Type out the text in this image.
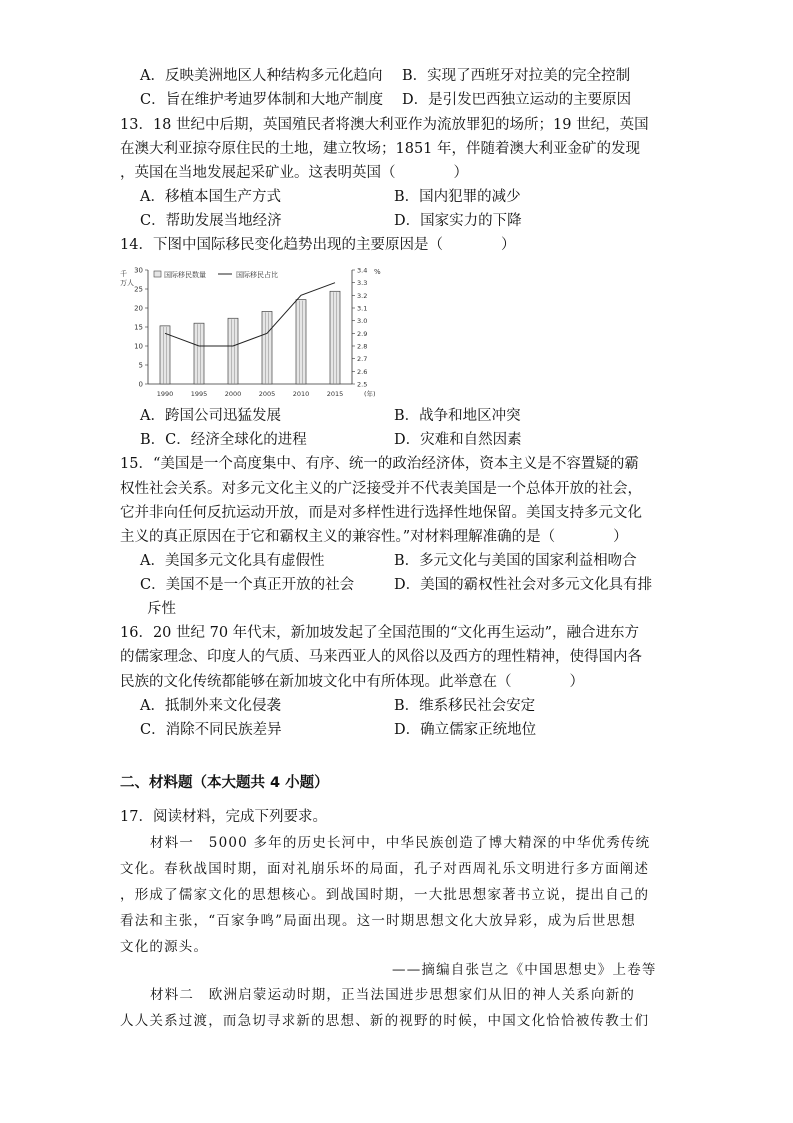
A．反映美洲地区人种结构多元化趋向 B．实现了西班牙对拉美的完全控制
C．旨在维护考迪罗体制和大地产制度 D．是引发巴西独立运动的主要原因
13．18 世纪中后期，英国殖民者将澳大利亚作为流放罪犯的场所；19 世纪，英国
在澳大利亚掠夺原住民的土地，建立牧场；1851 年，伴随着澳大利亚金矿的发现
，英国在当地发展起采矿业。这表明英国（　　　　）
A．移植本国生产方式	B．国内犯罪的减少
C．帮助发展当地经济	D．国家实力的下降
14．下图中国际移民变化趋势出现的主要原因是（　　　　）
0
5
10
15
20
25
30
2.5
2.6
2.7
2.8
2.9
3.0
3.1
3.2
3.3
3.4
千
万人
%
(年)
1990	1995	2000	2005	2010	2015
国际移民数量	国际移民占比
A．跨国公司迅猛发展	B．战争和地区冲突
B．C．经济全球化的进程	D．灾难和自然因素
15．“美国是一个高度集中、有序、统一的政治经济体，资本主义是不容置疑的霸
权性社会关系。对多元文化主义的广泛接受并不代表美国是一个总体开放的社会，
它并非向任何反抗运动开放，而是对多样性进行选择性地保留。美国支持多元文化
主义的真正原因在于它和霸权主义的兼容性。”对材料理解准确的是（　　　　）
A．美国多元文化具有虚假性	B．多元文化与美国的国家利益相吻合
C．美国不是一个真正开放的社会	D．美国的霸权性社会对多元文化具有排
斥性
16．20 世纪 70 年代末，新加坡发起了全国范围的“文化再生运动”，融合进东方
的儒家理念、印度人的气质、马来西亚人的风俗以及西方的理性精神，使得国内各
民族的文化传统都能够在新加坡文化中有所体现。此举意在（　　　　）
A．抵制外来文化侵袭	B．维系移民社会安定
C．消除不同民族差异	D．确立儒家正统地位
二、材料题（本大题共 4 小题）
17．阅读材料，完成下列要求。
材料一　5000 多年的历史长河中，中华民族创造了博大精深的中华优秀传统
文化。春秋战国时期，面对礼崩乐坏的局面，孔子对西周礼乐文明进行多方面阐述
，形成了儒家文化的思想核心。到战国时期，一大批思想家著书立说，提出自己的
看法和主张，“百家争鸣”局面出现。这一时期思想文化大放异彩，成为后世思想
文化的源头。
——摘编自张岂之《中国思想史》上卷等
材料二　欧洲启蒙运动时期，正当法国进步思想家们从旧的神人关系向新的
人人关系过渡，而急切寻求新的思想、新的视野的时候，中国文化恰恰被传教士们
